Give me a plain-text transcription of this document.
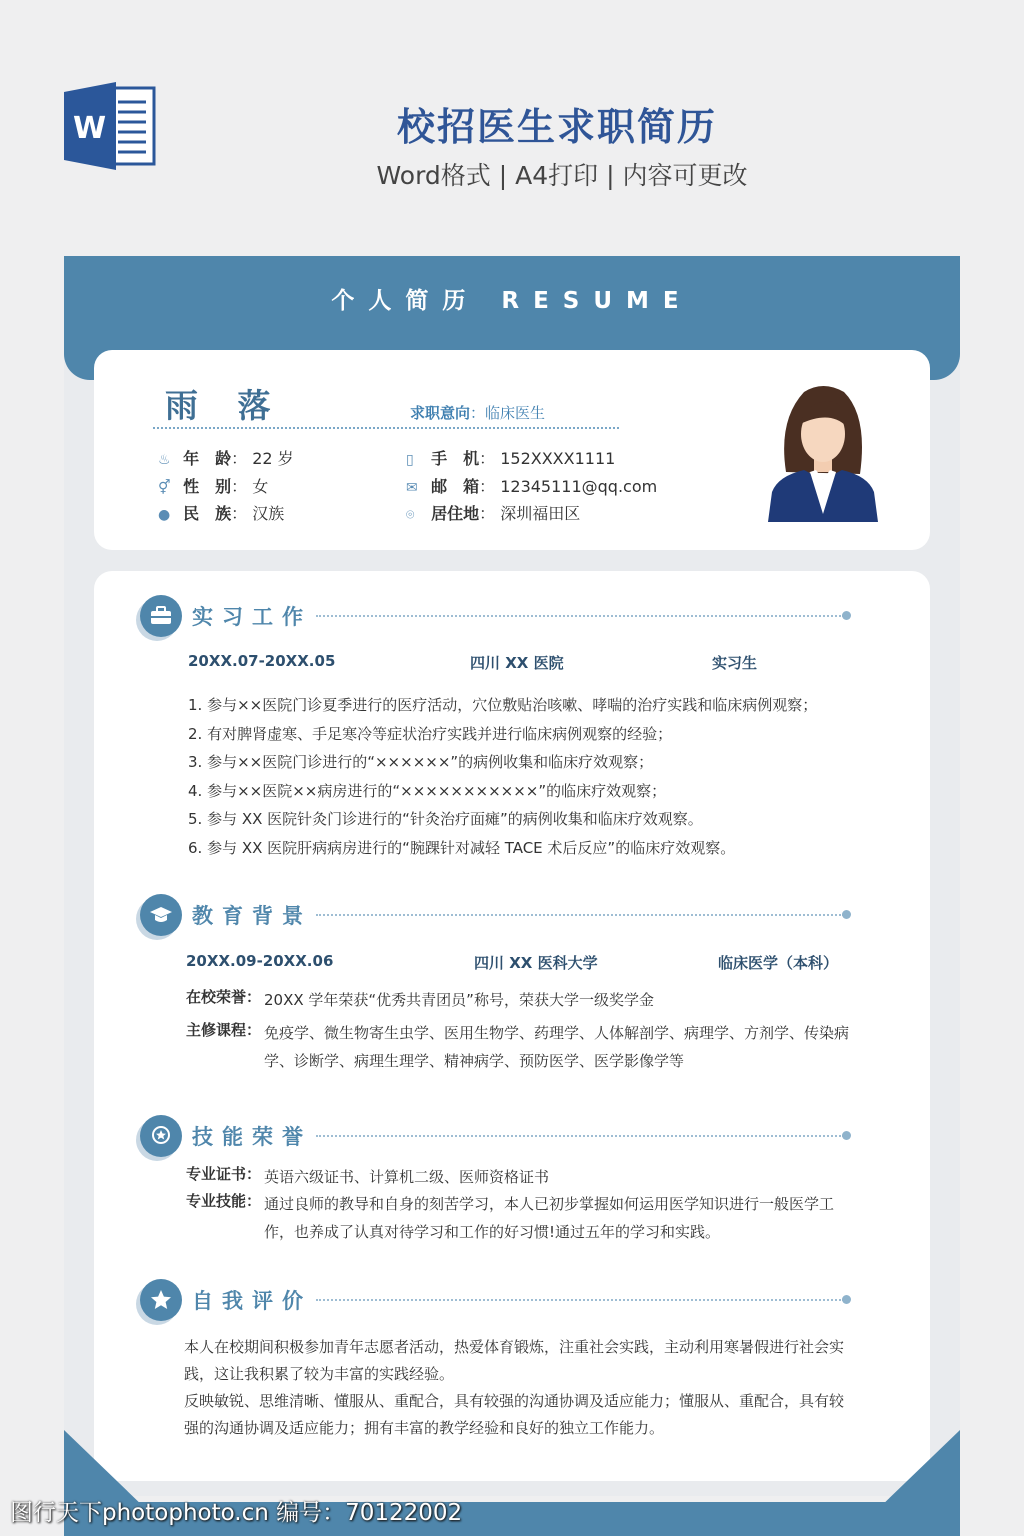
W	校招医生求职简历
Word格式 | A4打印 | 内容可更改
个人简历 RESUME
雨 落	求职意向：临床医生
♨ 年　龄： 22 岁
⚥ 性　别： 女
● 民　族： 汉族
▯ 手　机： 152XXXX1111
✉ 邮　箱： 12345111@qq.com
⌾ 居住地： 深圳福田区
实习工作
20XX.07-20XX.05	四川 XX 医院	实习生
1. 参与××医院门诊夏季进行的医疗活动，穴位敷贴治咳嗽、哮喘的治疗实践和临床病例观察；
2. 有对脾肾虚寒、手足寒冷等症状治疗实践并进行临床病例观察的经验；
3. 参与××医院门诊进行的“××××××”的病例收集和临床疗效观察；
4. 参与××医院××病房进行的“×××××××××××”的临床疗效观察；
5. 参与 XX 医院针灸门诊进行的“针灸治疗面瘫”的病例收集和临床疗效观察。
6. 参与 XX 医院肝病病房进行的“腕踝针对减轻 TACE 术后反应”的临床疗效观察。
教育背景
20XX.09-20XX.06	四川 XX 医科大学	临床医学（本科）
在校荣誉： 20XX 学年荣获“优秀共青团员”称号，荣获大学一级奖学金
主修课程： 免疫学、微生物寄生虫学、医用生物学、药理学、人体解剖学、病理学、方剂学、传染病学、诊断学、病理生理学、精神病学、预防医学、医学影像学等
技能荣誉
专业证书： 英语六级证书、计算机二级、医师资格证书
专业技能： 通过良师的教导和自身的刻苦学习，本人已初步掌握如何运用医学知识进行一般医学工作，也养成了认真对待学习和工作的好习惯!通过五年的学习和实践。
自我评价
本人在校期间积极参加青年志愿者活动，热爱体育锻炼，注重社会实践，主动利用寒暑假进行社会实践，这让我积累了较为丰富的实践经验。
反映敏锐、思维清晰、懂服从、重配合，具有较强的沟通协调及适应能力；懂服从、重配合，具有较强的沟通协调及适应能力；拥有丰富的教学经验和良好的独立工作能力。
图行天下photophoto.cn 编号：70122002
